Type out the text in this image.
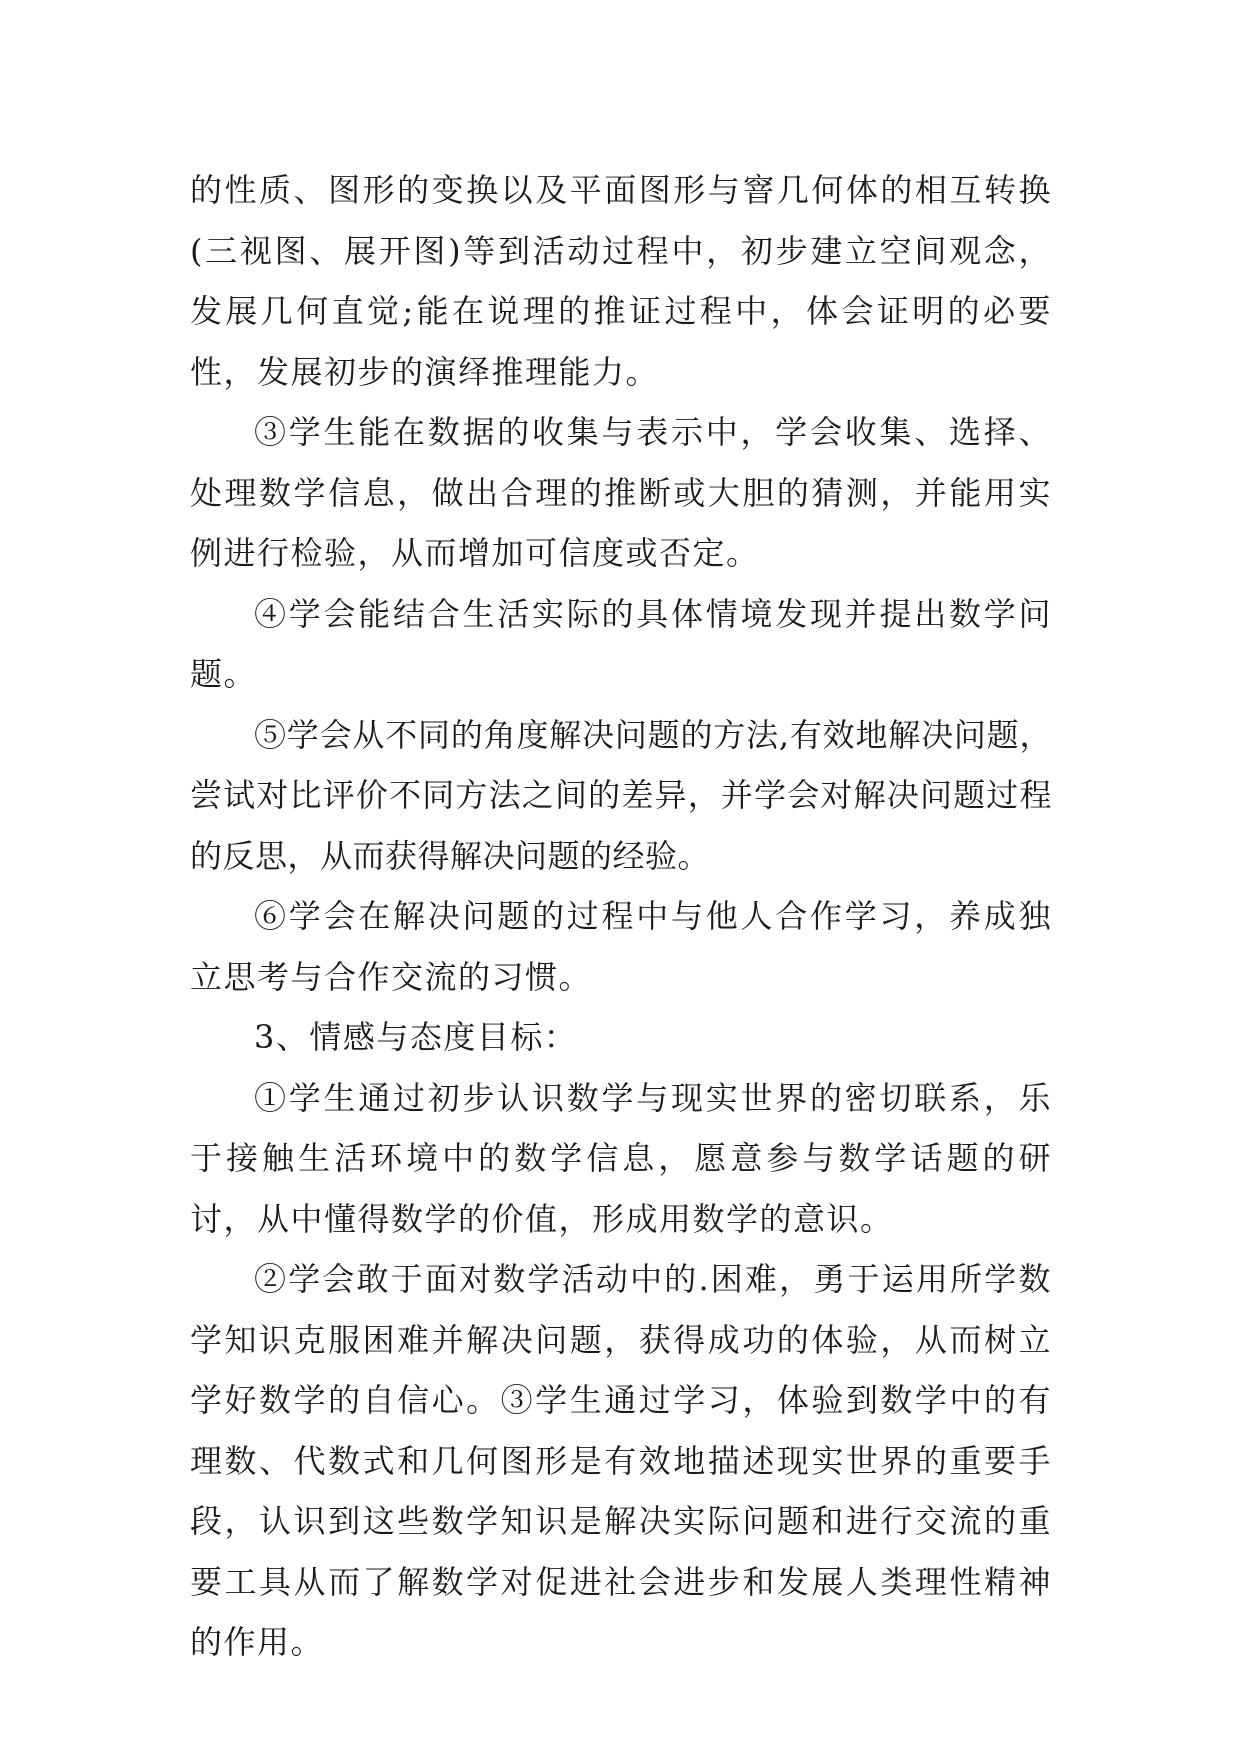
的性质、图形的变换以及平面图形与窨几何体的相互转换(三视图、展开图)等到活动过程中，初步建立空间观念，发展几何直觉;能在说理的推证过程中，体会证明的必要性，发展初步的演绎推理能力。

③学生能在数据的收集与表示中，学会收集、选择、处理数学信息，做出合理的推断或大胆的猜测，并能用实例进行检验，从而增加可信度或否定。

④学会能结合生活实际的具体情境发现并提出数学问题。

⑤学会从不同的角度解决问题的方法,有效地解决问题，尝试对比评价不同方法之间的差异，并学会对解决问题过程的反思，从而获得解决问题的经验。

⑥学会在解决问题的过程中与他人合作学习，养成独立思考与合作交流的习惯。

3、情感与态度目标：

①学生通过初步认识数学与现实世界的密切联系，乐于接触生活环境中的数学信息，愿意参与数学话题的研讨，从中懂得数学的价值，形成用数学的意识。

②学会敢于面对数学活动中的.困难，勇于运用所学数学知识克服困难并解决问题，获得成功的体验，从而树立学好数学的自信心。③学生通过学习，体验到数学中的有理数、代数式和几何图形是有效地描述现实世界的重要手段，认识到这些数学知识是解决实际问题和进行交流的重要工具从而了解数学对促进社会进步和发展人类理性精神的作用。
